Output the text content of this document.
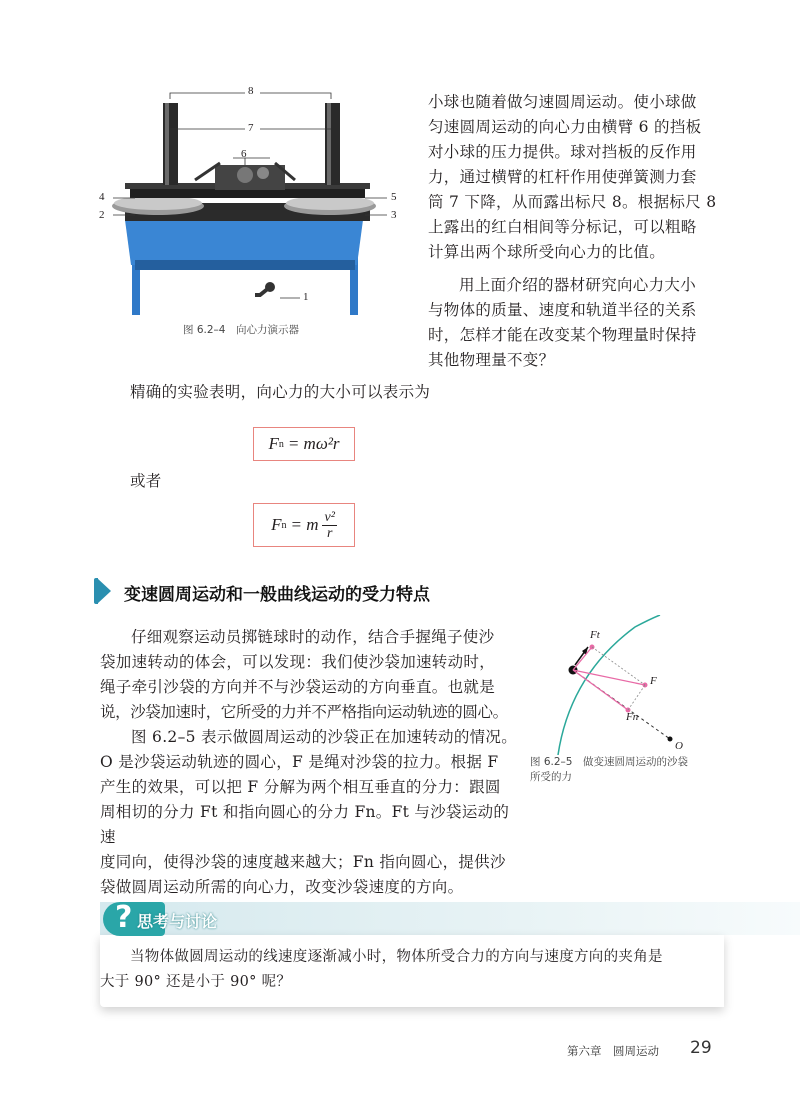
8
7
6
4
2
5
3
1
图 6.2–4　向心力演示器

小球也随着做匀速圆周运动。使小球做

匀速圆周运动的向心力由横臂 6 的挡板

对小球的压力提供。球对挡板的反作用

力，通过横臂的杠杆作用使弹簧测力套

筒 7 下降，从而露出标尺 8。根据标尺 8

上露出的红白相间等分标记，可以粗略

计算出两个球所受向心力的比值。

用上面介绍的器材研究向心力大小

与物体的质量、速度和轨道半径的关系

时，怎样才能在改变某个物理量时保持

其他物理量不变？

精确的实验表明，向心力的大小可以表示为

F n = mω²r

或者

F n = m $\frac{\text{v²}}{r}$
变速圆周运动和一般曲线运动的受力特点

仔细观察运动员掷链球时的动作，结合手握绳子使沙

袋加速转动的体会，可以发现：我们使沙袋加速转动时，

绳子牵引沙袋的方向并不与沙袋运动的方向垂直。也就是

说，沙袋加速时，它所受的力并不严格指向运动轨迹的圆心。

图 6.2–5 表示做圆周运动的沙袋正在加速转动的情况。

O 是沙袋运动轨迹的圆心，F 是绳对沙袋的拉力。根据 F

产生的效果，可以把 F 分解为两个相互垂直的分力：跟圆

周相切的分力 Ft 和指向圆心的分力 Fn。Ft 与沙袋运动的速

度同向，使得沙袋的速度越来越大；Fn 指向圆心，提供沙

袋做圆周运动所需的向心力，改变沙袋速度的方向。

Ft
F
Fn
O
图 6.2–5　做变速圆周运动的沙袋
所受的力
? 思考与讨论

当物体做圆周运动的线速度逐渐减小时，物体所受合力的方向与速度方向的夹角是

大于 90° 还是小于 90° 呢？

第六章　圆周运动 29
